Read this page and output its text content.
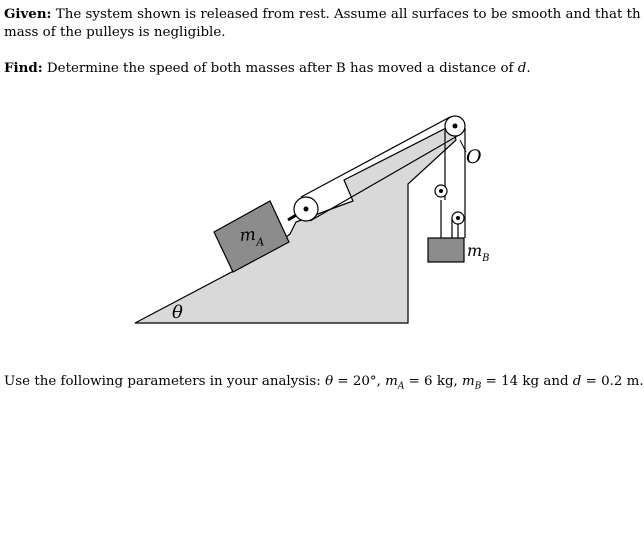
Given: The system shown is released from rest. Assume all surfaces to be smooth and that th
mass of the pulleys is negligible.
Find: Determine the speed of both masses after B has moved a distance of d.
$m_A$	$m_B$
θ
O
Use the following parameters in your analysis: θ = 20°, $m_A = 6$ kg, $m_B = 14$ kg and d = 0.2 m.
